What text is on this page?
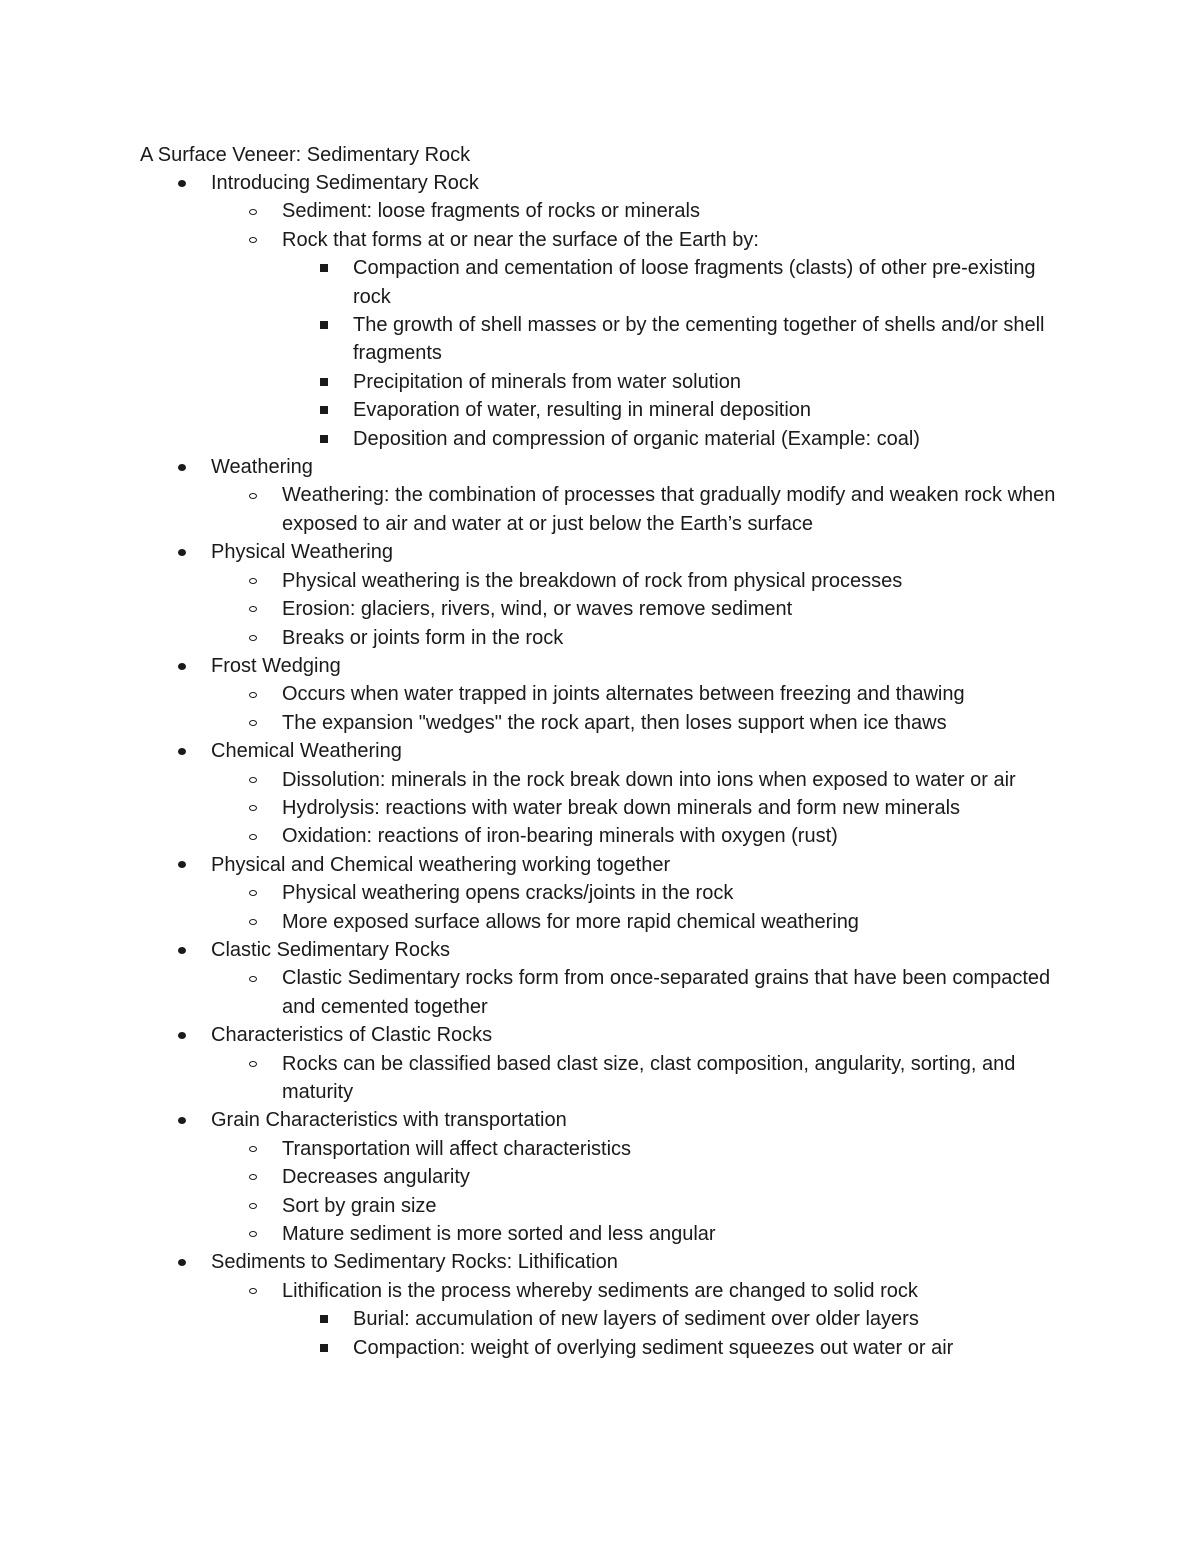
A Surface Veneer: Sedimentary Rock
Introducing Sedimentary Rock
Sediment: loose fragments of rocks or minerals
Rock that forms at or near the surface of the Earth by:
Compaction and cementation of loose fragments (clasts) of other pre-existing rock
The growth of shell masses or by the cementing together of shells and/or shell fragments
Precipitation of minerals from water solution
Evaporation of water, resulting in mineral deposition
Deposition and compression of organic material (Example: coal)
Weathering
Weathering: the combination of processes that gradually modify and weaken rock when exposed to air and water at or just below the Earth’s surface
Physical Weathering
Physical weathering is the breakdown of rock from physical processes
Erosion: glaciers, rivers, wind, or waves remove sediment
Breaks or joints form in the rock
Frost Wedging
Occurs when water trapped in joints alternates between freezing and thawing
The expansion "wedges" the rock apart, then loses support when ice thaws
Chemical Weathering
Dissolution: minerals in the rock break down into ions when exposed to water or air
Hydrolysis: reactions with water break down minerals and form new minerals
Oxidation: reactions of iron-bearing minerals with oxygen (rust)
Physical and Chemical weathering working together
Physical weathering opens cracks/joints in the rock
More exposed surface allows for more rapid chemical weathering
Clastic Sedimentary Rocks
Clastic Sedimentary rocks form from once-separated grains that have been compacted and cemented together
Characteristics of Clastic Rocks
Rocks can be classified based clast size, clast composition, angularity, sorting, and maturity
Grain Characteristics with transportation
Transportation will affect characteristics
Decreases angularity
Sort by grain size
Mature sediment is more sorted and less angular
Sediments to Sedimentary Rocks: Lithification
Lithification is the process whereby sediments are changed to solid rock
Burial: accumulation of new layers of sediment over older layers
Compaction: weight of overlying sediment squeezes out water or air
